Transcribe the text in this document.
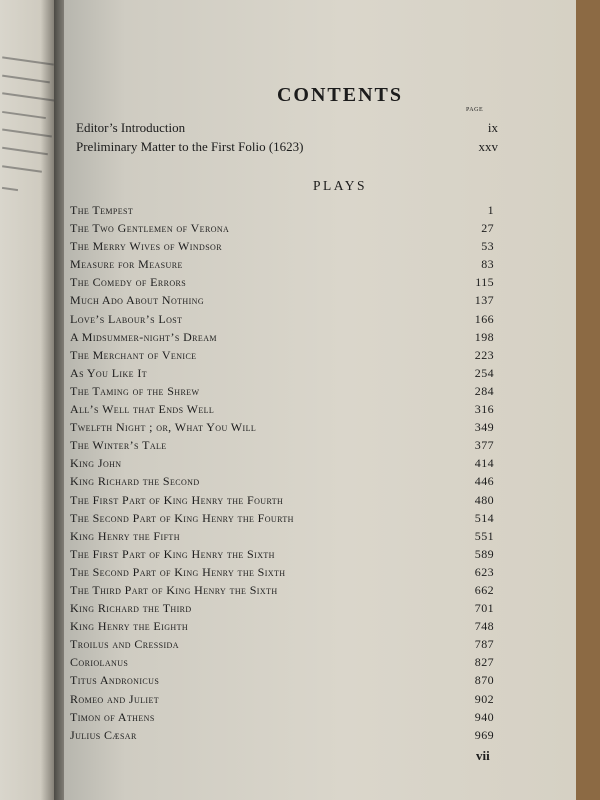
CONTENTS
PAGE
Editor’s Introduction	ix
Preliminary Matter to the First Folio (1623)	xxv
PLAYS
The Tempest	1
The Two Gentlemen of Verona	27
The Merry Wives of Windsor	53
Measure for Measure	83
The Comedy of Errors	115
Much Ado About Nothing	137
Love’s Labour’s Lost	166
A Midsummer-night’s Dream	198
The Merchant of Venice	223
As You Like It	254
The Taming of the Shrew	284
All’s Well that Ends Well	316
Twelfth Night ; or, What You Will	349
The Winter’s Tale	377
King John	414
King Richard the Second	446
The First Part of King Henry the Fourth	480
The Second Part of King Henry the Fourth	514
King Henry the Fifth	551
The First Part of King Henry the Sixth	589
The Second Part of King Henry the Sixth	623
The Third Part of King Henry the Sixth	662
King Richard the Third	701
King Henry the Eighth	748
Troilus and Cressida	787
Coriolanus	827
Titus Andronicus	870
Romeo and Juliet	902
Timon of Athens	940
Julius Cæsar	969
vii
